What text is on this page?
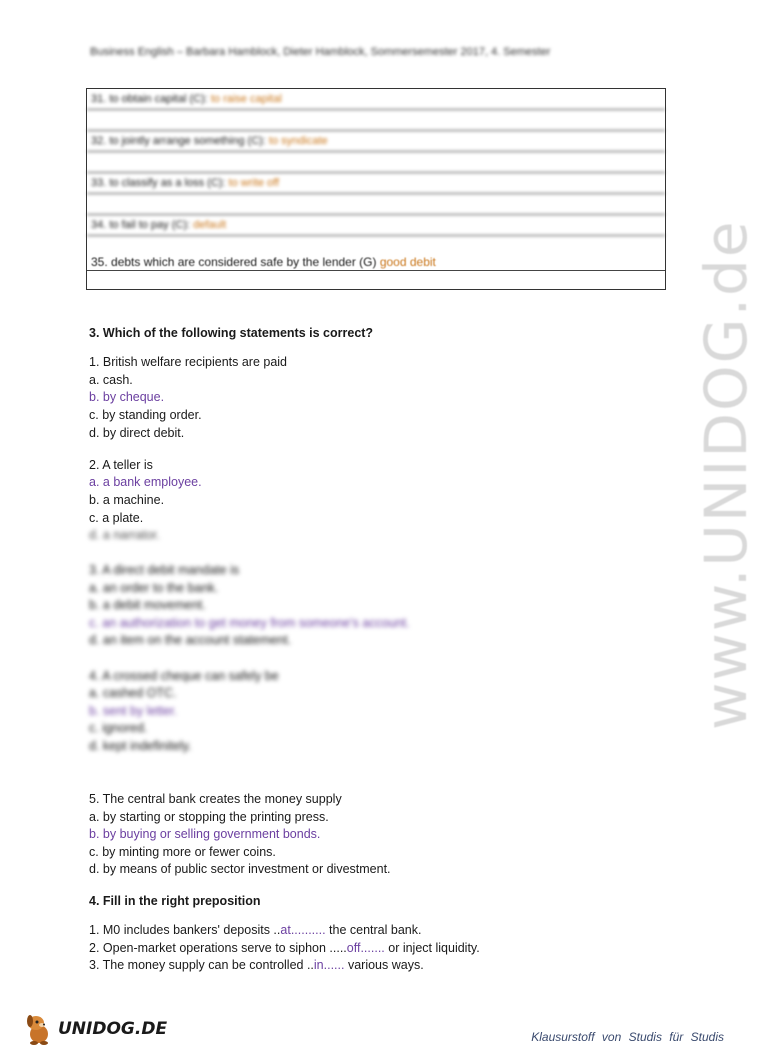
Business English – Barbara Hamblock, Dieter Hamblock, Sommersemester 2017, 4. Semester
31. to obtain capital (C): to raise capital
32. to jointly arrange something (C): to syndicate
33. to classify as a loss (C): to write off
34. to fail to pay (C): default
35. debts which are considered safe by the lender (G) good debit
3. Which of the following statements is correct?
1. British welfare recipients are paid
a. cash.
b. by cheque.
c. by standing order.
d. by direct debit.
2. A teller is
a. a bank employee.
b. a machine.
c. a plate.
d. a narrator.
3. A direct debit mandate is
a. an order to the bank.
b. a debit movement.
c. an authorization to get money from someone's account.
d. an item on the account statement.
4. A crossed cheque can safely be
a. cashed OTC.
b. sent by letter.
c. ignored.
d. kept indefinitely.
5. The central bank creates the money supply
a. by starting or stopping the printing press.
b. by buying or selling government bonds.
c. by minting more or fewer coins.
d. by means of public sector investment or divestment.
4. Fill in the right preposition
1. M0 includes bankers' deposits ..at.......... the central bank.
2. Open-market operations serve to siphon .....off....... or inject liquidity.
3. The money supply can be controlled ..in...... various ways.
www.UNIDOG.de
UNIDOG.DE	Klausurstoff von Studis für Studis
